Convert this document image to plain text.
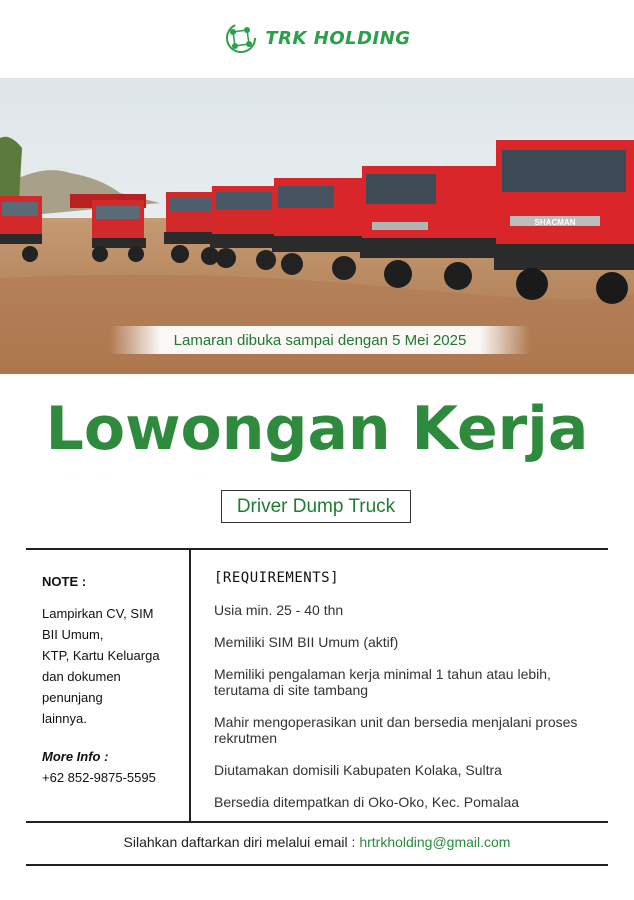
TRK HOLDING
SHACMAN
Lamaran dibuka sampai dengan 5 Mei 2025
Lowongan Kerja
Driver Dump Truck
NOTE :
Lampirkan CV, SIM
BII Umum,
KTP, Kartu Keluarga
dan dokumen
penunjang
lainnya.
More Info :
+62 852-9875-5595
[REQUIREMENTS]
Usia min. 25 - 40 thn
Memiliki SIM BII Umum (aktif)
Memiliki pengalaman kerja minimal 1 tahun atau lebih, terutama di site tambang
Mahir mengoperasikan unit dan bersedia menjalani proses rekrutmen
Diutamakan domisili Kabupaten Kolaka, Sultra
Bersedia ditempatkan di Oko-Oko, Kec. Pomalaa
Silahkan daftarkan diri melalui email : hrtrkholding@gmail.com
